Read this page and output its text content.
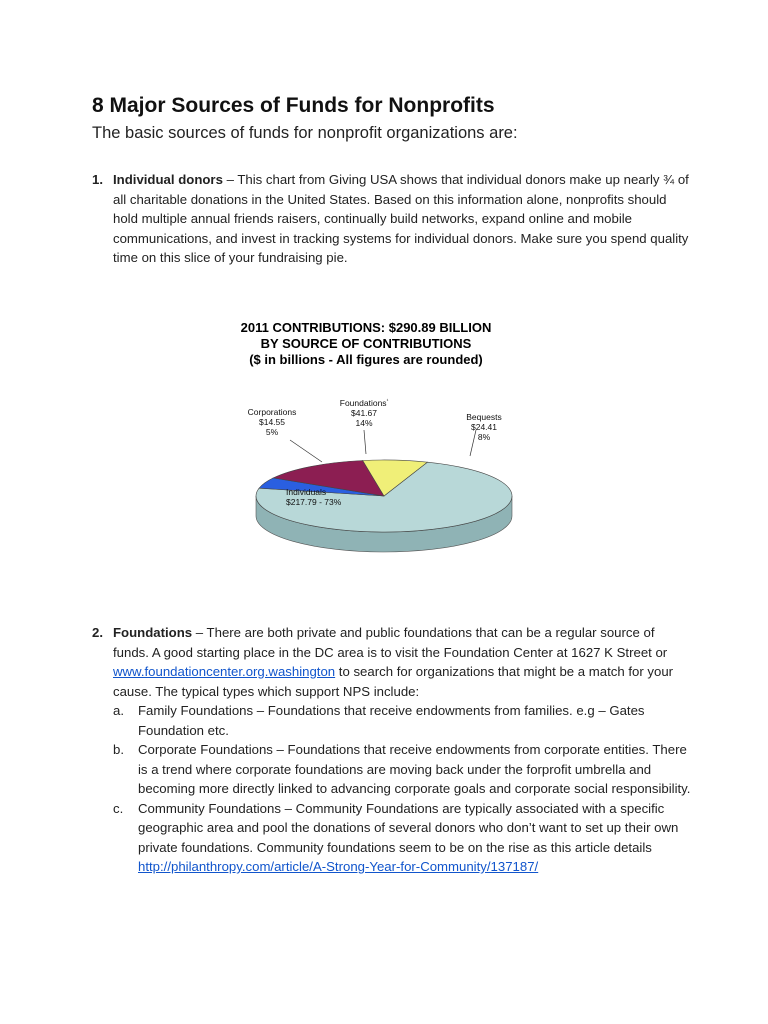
8 Major Sources of Funds for Nonprofits
The basic sources of funds for nonprofit organizations are:
1. Individual donors – This chart from Giving USA shows that individual donors make up nearly ¾ of all charitable donations in the United States. Based on this information alone, nonprofits should hold multiple annual friends raisers, continually build networks, expand online and mobile communications, and invest in tracking systems for individual donors. Make sure you spend quality time on this slice of your fundraising pie.
2011 CONTRIBUTIONS: $290.89 BILLION
BY SOURCE OF CONTRIBUTIONS
($ in billions - All figures are rounded)
Corporations
$14.55
5%
Foundations$^{^1}$
$41.67
14%
Bequests
$24.41
8%
Individuals
$217.79 - 73%
2. Foundations – There are both private and public foundations that can be a regular source of funds. A good starting place in the DC area is to visit the Foundation Center at 1627 K Street or www.foundationcenter.org.washington to search for organizations that might be a match for your cause. The typical types which support NPS include:
a. Family Foundations – Foundations that receive endowments from families. e.g – Gates Foundation etc.
b. Corporate Foundations – Foundations that receive endowments from corporate entities. There is a trend where corporate foundations are moving back under the forprofit umbrella and becoming more directly linked to advancing corporate goals and corporate social responsibility.
c. Community Foundations – Community Foundations are typically associated with a specific geographic area and pool the donations of several donors who don’t want to set up their own private foundations. Community foundations seem to be on the rise as this article details http://philanthropy.com/article/A-Strong-Year-for-Community/137187/
